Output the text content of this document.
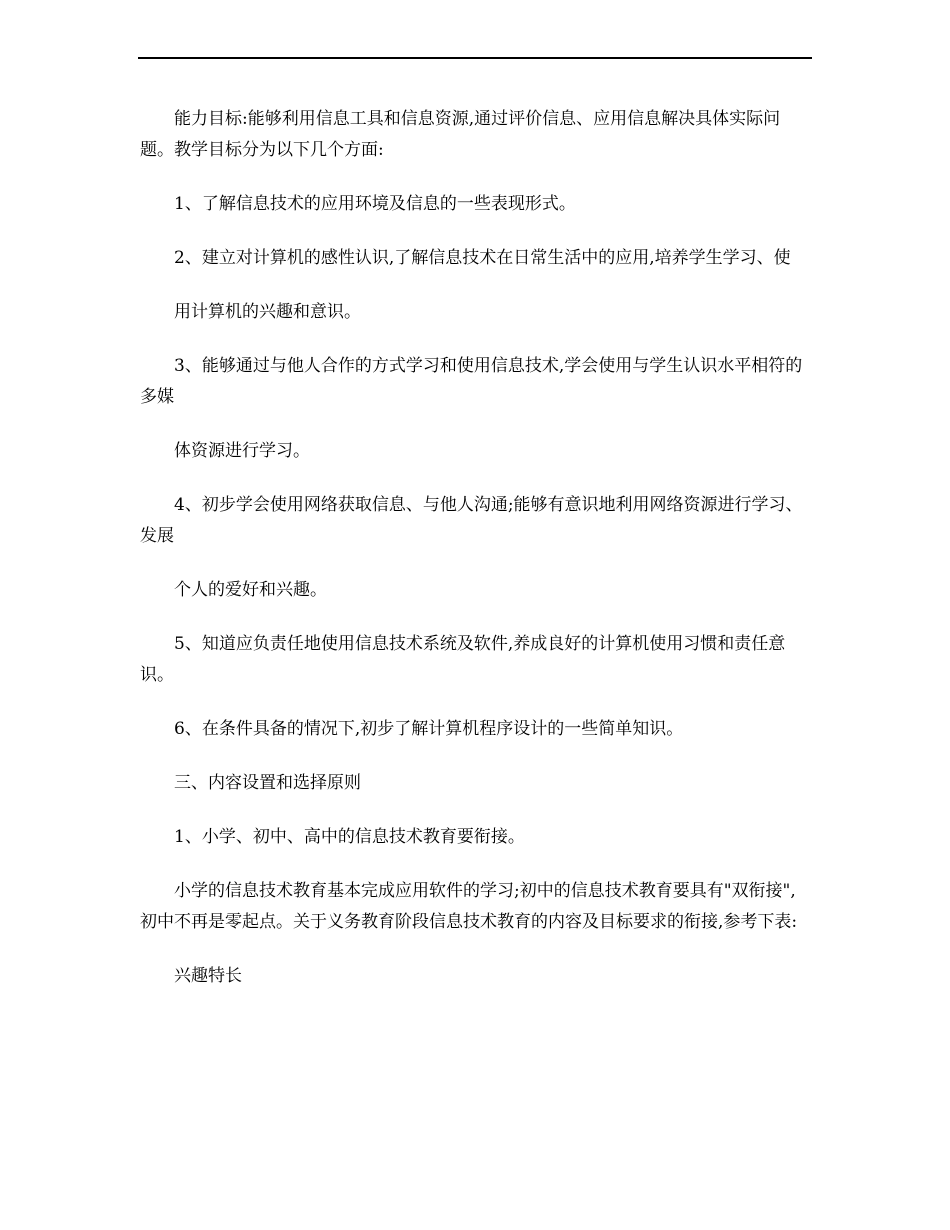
能力目标:能够利用信息工具和信息资源,通过评价信息、应用信息解决具体实际问题。教学目标分为以下几个方面:

1、了解信息技术的应用环境及信息的一些表现形式。

2、建立对计算机的感性认识,了解信息技术在日常生活中的应用,培养学生学习、使

用计算机的兴趣和意识。

3、能够通过与他人合作的方式学习和使用信息技术,学会使用与学生认识水平相符的多媒

体资源进行学习。

4、初步学会使用网络获取信息、与他人沟通;能够有意识地利用网络资源进行学习、发展

个人的爱好和兴趣。

5、知道应负责任地使用信息技术系统及软件,养成良好的计算机使用习惯和责任意识。

6、在条件具备的情况下,初步了解计算机程序设计的一些简单知识。

三、内容设置和选择原则

1、小学、初中、高中的信息技术教育要衔接。

小学的信息技术教育基本完成应用软件的学习;初中的信息技术教育要具有"双衔接",初中不再是零起点。关于义务教育阶段信息技术教育的内容及目标要求的衔接,参考下表:

兴趣特长
